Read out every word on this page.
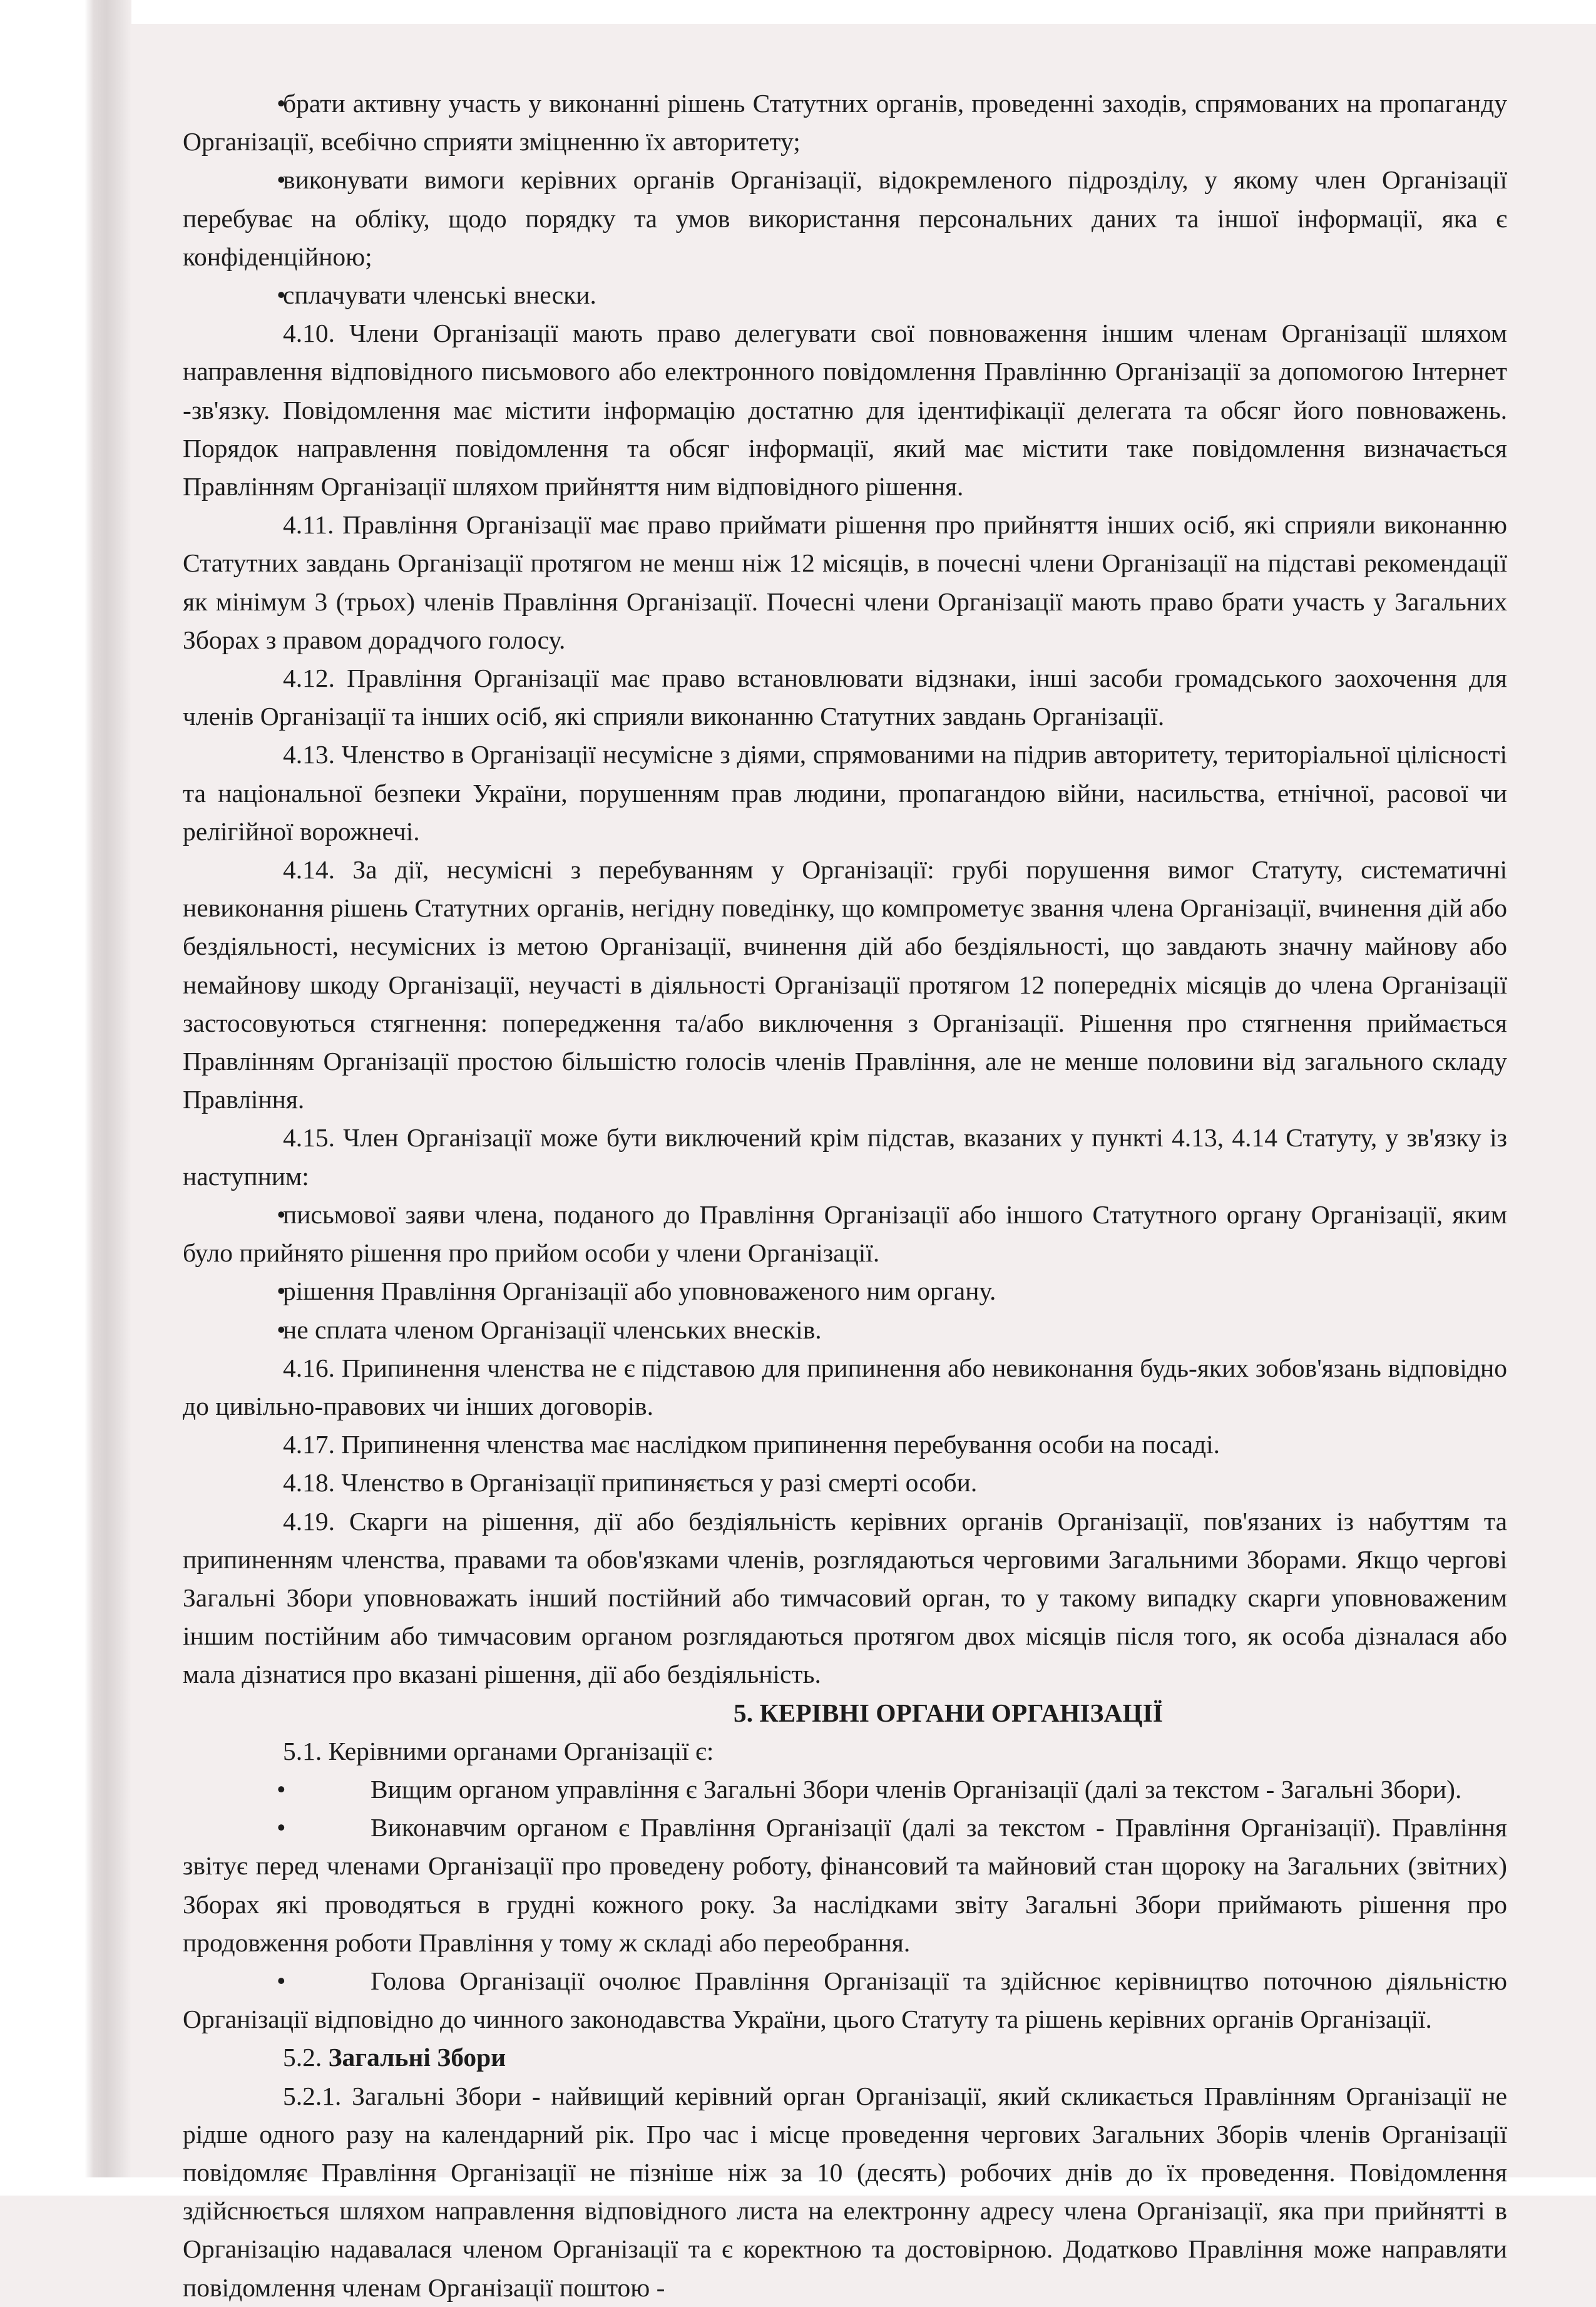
• брати активну участь у виконанні рішень Статутних органів, проведенні заходів, спрямованих на пропаганду Організації, всебічно сприяти зміцненню їх авторитету;

• виконувати вимоги керівних органів Організації, відокремленого підрозділу, у якому член Організації перебуває на обліку, щодо порядку та умов використання персональних даних та іншої інформації, яка є конфіденційною;

• сплачувати членські внески.

4.10. Члени Організації мають право делегувати свої повноваження іншим членам Організації шляхом направлення відповідного письмового або електронного повідомлення Правлінню Організації за допомогою Інтернет -зв'язку. Повідомлення має містити інформацію достатню для ідентифікації делегата та обсяг його повноважень. Порядок направлення повідомлення та обсяг інформації, який має містити таке повідомлення визначається Правлінням Організації шляхом прийняття ним відповідного рішення.

4.11. Правління Організації має право приймати рішення про прийняття інших осіб, які сприяли виконанню Статутних завдань Організації протягом не менш ніж 12 місяців, в почесні члени Організації на підставі рекомендації як мінімум 3 (трьох) членів Правління Організації. Почесні члени Організації мають право брати участь у Загальних Зборах з правом дорадчого голосу.

4.12. Правління Організації має право встановлювати відзнаки, інші засоби громадського заохочення для членів Організації та інших осіб, які сприяли виконанню Статутних завдань Організації.

4.13. Членство в Організації несумісне з діями, спрямованими на підрив авторитету, територіальної цілісності та національної безпеки України, порушенням прав людини, пропагандою війни, насильства, етнічної, расової чи релігійної ворожнечі.

4.14. За дії, несумісні з перебуванням у Організації: грубі порушення вимог Статуту, систематичні невиконання рішень Статутних органів, негідну поведінку, що компрометує звання члена Організації, вчинення дій або бездіяльності, несумісних із метою Організації, вчинення дій або бездіяльності, що завдають значну майнову або немайнову шкоду Організації, неучасті в діяльності Організації протягом 12 попередніх місяців до члена Організації застосовуються стягнення: попередження та/або виключення з Організації. Рішення про стягнення приймається Правлінням Організації простою більшістю голосів членів Правління, але не менше половини від загального складу Правління.

4.15. Член Організації може бути виключений крім підстав, вказаних у пункті 4.13, 4.14 Статуту, у зв'язку із наступним:

• письмової заяви члена, поданого до Правління Організації або іншого Статутного органу Організації, яким було прийнято рішення про прийом особи у члени Організації.

• рішення Правління Організації або уповноваженого ним органу.

• не сплата членом Організації членських внесків.

4.16. Припинення членства не є підставою для припинення або невиконання будь-яких зобов'язань відповідно до цивільно-правових чи інших договорів.

4.17. Припинення членства має наслідком припинення перебування особи на посаді.

4.18. Членство в Організації припиняється у разі смерті особи.

4.19. Скарги на рішення, дії або бездіяльність керівних органів Організації, пов'язаних із набуттям та припиненням членства, правами та обов'язками членів, розглядаються черговими Загальними Зборами. Якщо чергові Загальні Збори уповноважать інший постійний або тимчасовий орган, то у такому випадку скарги уповноваженим іншим постійним або тимчасовим органом розглядаються протягом двох місяців після того, як особа дізналася або мала дізнатися про вказані рішення, дії або бездіяльність.

5. КЕРІВНІ ОРГАНИ ОРГАНІЗАЦІЇ

5.1. Керівними органами Організації є:

• Вищим органом управління є Загальні Збори членів Організації (далі за текстом - Загальні Збори).

• Виконавчим органом є Правління Організації (далі за текстом - Правління Організації). Правління звітує перед членами Організації про проведену роботу, фінансовий та майновий стан щороку на Загальних (звітних) Зборах які проводяться в грудні кожного року. За наслідками звіту Загальні Збори приймають рішення про продовження роботи Правління у тому ж складі або переобрання.

• Голова Організації очолює Правління Організації та здійснює керівництво поточною діяльністю Організації відповідно до чинного законодавства України, цього Статуту та рішень керівних органів Організації.

5.2. Загальні Збори

5.2.1. Загальні Збори - найвищий керівний орган Організації, який скликається Правлінням Організації не рідше одного разу на календарний рік. Про час і місце проведення чергових Загальних Зборів членів Організації повідомляє Правління Організації не пізніше ніж за 10 (десять) робочих днів до їх проведення. Повідомлення здійснюється шляхом направлення відповідного листа на електронну адресу члена Організації, яка при прийнятті в Організацію надавалася членом Організації та є коректною та достовірною. Додатково Правління може направляти повідомлення членам Організації поштою -
